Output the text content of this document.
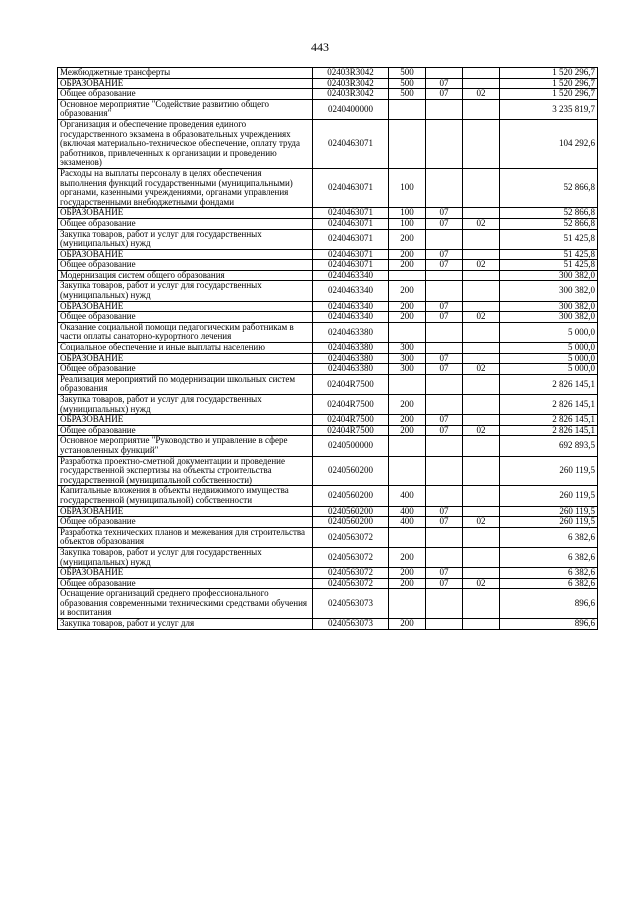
443
Межбюджетные трансферты	02403R3042	500			1 520 296,7
ОБРАЗОВАНИЕ	02403R3042	500	07		1 520 296,7
Общее образование	02403R3042	500	07	02	1 520 296,7
Основное мероприятие "Содействие развитию общего образования"	0240400000				3 235 819,7
Организация и обеспечение проведения единого государственного экзамена в образовательных учреждениях (включая материально-техническое обеспечение, оплату труда работников, привлеченных к организации и проведению экзаменов)	0240463071				104 292,6
Расходы на выплаты персоналу в целях обеспечения выполнения функций государственными (муниципальными) органами, казенными учреждениями, органами управления государственными внебюджетными фондами	0240463071	100			52 866,8
ОБРАЗОВАНИЕ	0240463071	100	07		52 866,8
Общее образование	0240463071	100	07	02	52 866,8
Закупка товаров, работ и услуг для государственных (муниципальных) нужд	0240463071	200			51 425,8
ОБРАЗОВАНИЕ	0240463071	200	07		51 425,8
Общее образование	0240463071	200	07	02	51 425,8
Модернизация систем общего образования	0240463340				300 382,0
Закупка товаров, работ и услуг для государственных (муниципальных) нужд	0240463340	200			300 382,0
ОБРАЗОВАНИЕ	0240463340	200	07		300 382,0
Общее образование	0240463340	200	07	02	300 382,0
Оказание социальной помощи педагогическим работникам в части оплаты санаторно-курортного лечения	0240463380				5 000,0
Социальное обеспечение и иные выплаты населению	0240463380	300			5 000,0
ОБРАЗОВАНИЕ	0240463380	300	07		5 000,0
Общее образование	0240463380	300	07	02	5 000,0
Реализация мероприятий по модернизации школьных систем образования	02404R7500				2 826 145,1
Закупка товаров, работ и услуг для государственных (муниципальных) нужд	02404R7500	200			2 826 145,1
ОБРАЗОВАНИЕ	02404R7500	200	07		2 826 145,1
Общее образование	02404R7500	200	07	02	2 826 145,1
Основное мероприятие "Руководство и управление в сфере установленных функций"	0240500000				692 893,5
Разработка проектно-сметной документации и проведение государственной экспертизы на объекты строительства государственной (муниципальной собственности)	0240560200				260 119,5
Капитальные вложения в объекты недвижимого имущества государственной (муниципальной) собственности	0240560200	400			260 119,5
ОБРАЗОВАНИЕ	0240560200	400	07		260 119,5
Общее образование	0240560200	400	07	02	260 119,5
Разработка технических планов и межевания для строительства объектов образования	0240563072				6 382,6
Закупка товаров, работ и услуг для государственных (муниципальных) нужд	0240563072	200			6 382,6
ОБРАЗОВАНИЕ	0240563072	200	07		6 382,6
Общее образование	0240563072	200	07	02	6 382,6
Оснащение организаций среднего профессионального образования современными техническими средствами обучения и воспитания	0240563073				896,6
Закупка товаров, работ и услуг для	0240563073	200			896,6
